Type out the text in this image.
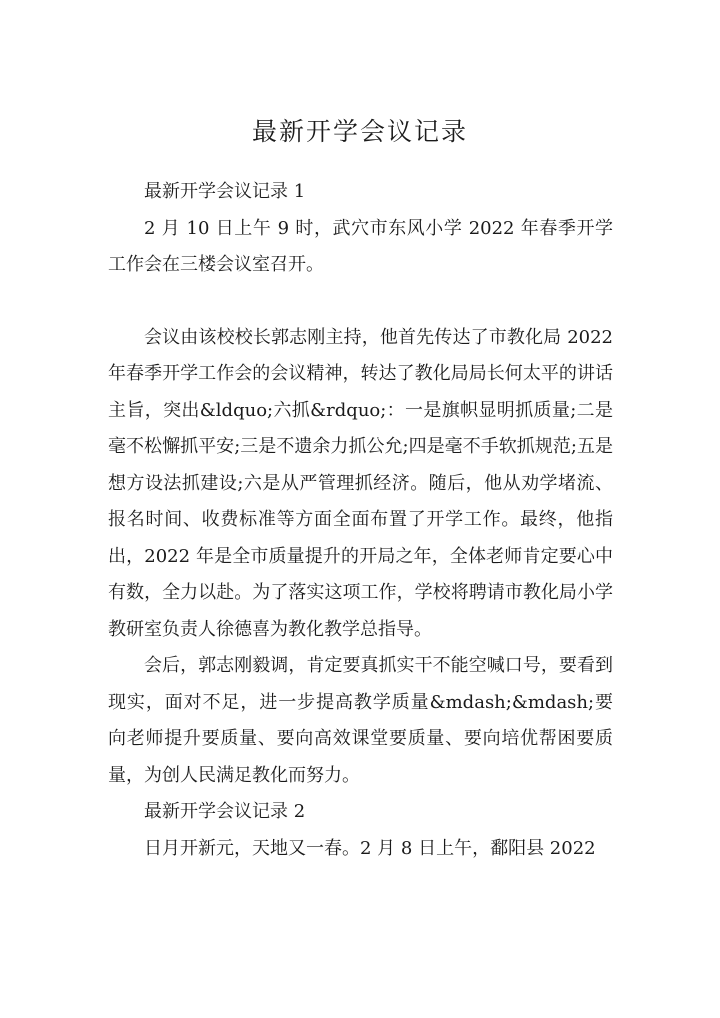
最新开学会议记录

最新开学会议记录 1

2 月 10 日上午 9 时，武穴市东风小学 2022 年春季开学工作会在三楼会议室召开。

会议由该校校长郭志刚主持，他首先传达了市教化局 2022 年春季开学工作会的会议精神，转达了教化局局长何太平的讲话主旨，突出&ldquo;六抓&rdquo;：一是旗帜显明抓质量;二是毫不松懈抓平安;三是不遗余力抓公允;四是毫不手软抓规范;五是想方设法抓建设;六是从严管理抓经济。随后，他从劝学堵流、报名时间、收费标准等方面全面布置了开学工作。最终，他指出，2022 年是全市质量提升的开局之年，全体老师肯定要心中有数，全力以赴。为了落实这项工作，学校将聘请市教化局小学教研室负责人徐德喜为教化教学总指导。

会后，郭志刚毅调，肯定要真抓实干不能空喊口号，要看到现实，面对不足，进一步提高教学质量&mdash;&mdash;要向老师提升要质量、要向高效课堂要质量、要向培优帮困要质量，为创人民满足教化而努力。

最新开学会议记录 2

日月开新元，天地又一春。2 月 8 日上午，鄱阳县 2022
